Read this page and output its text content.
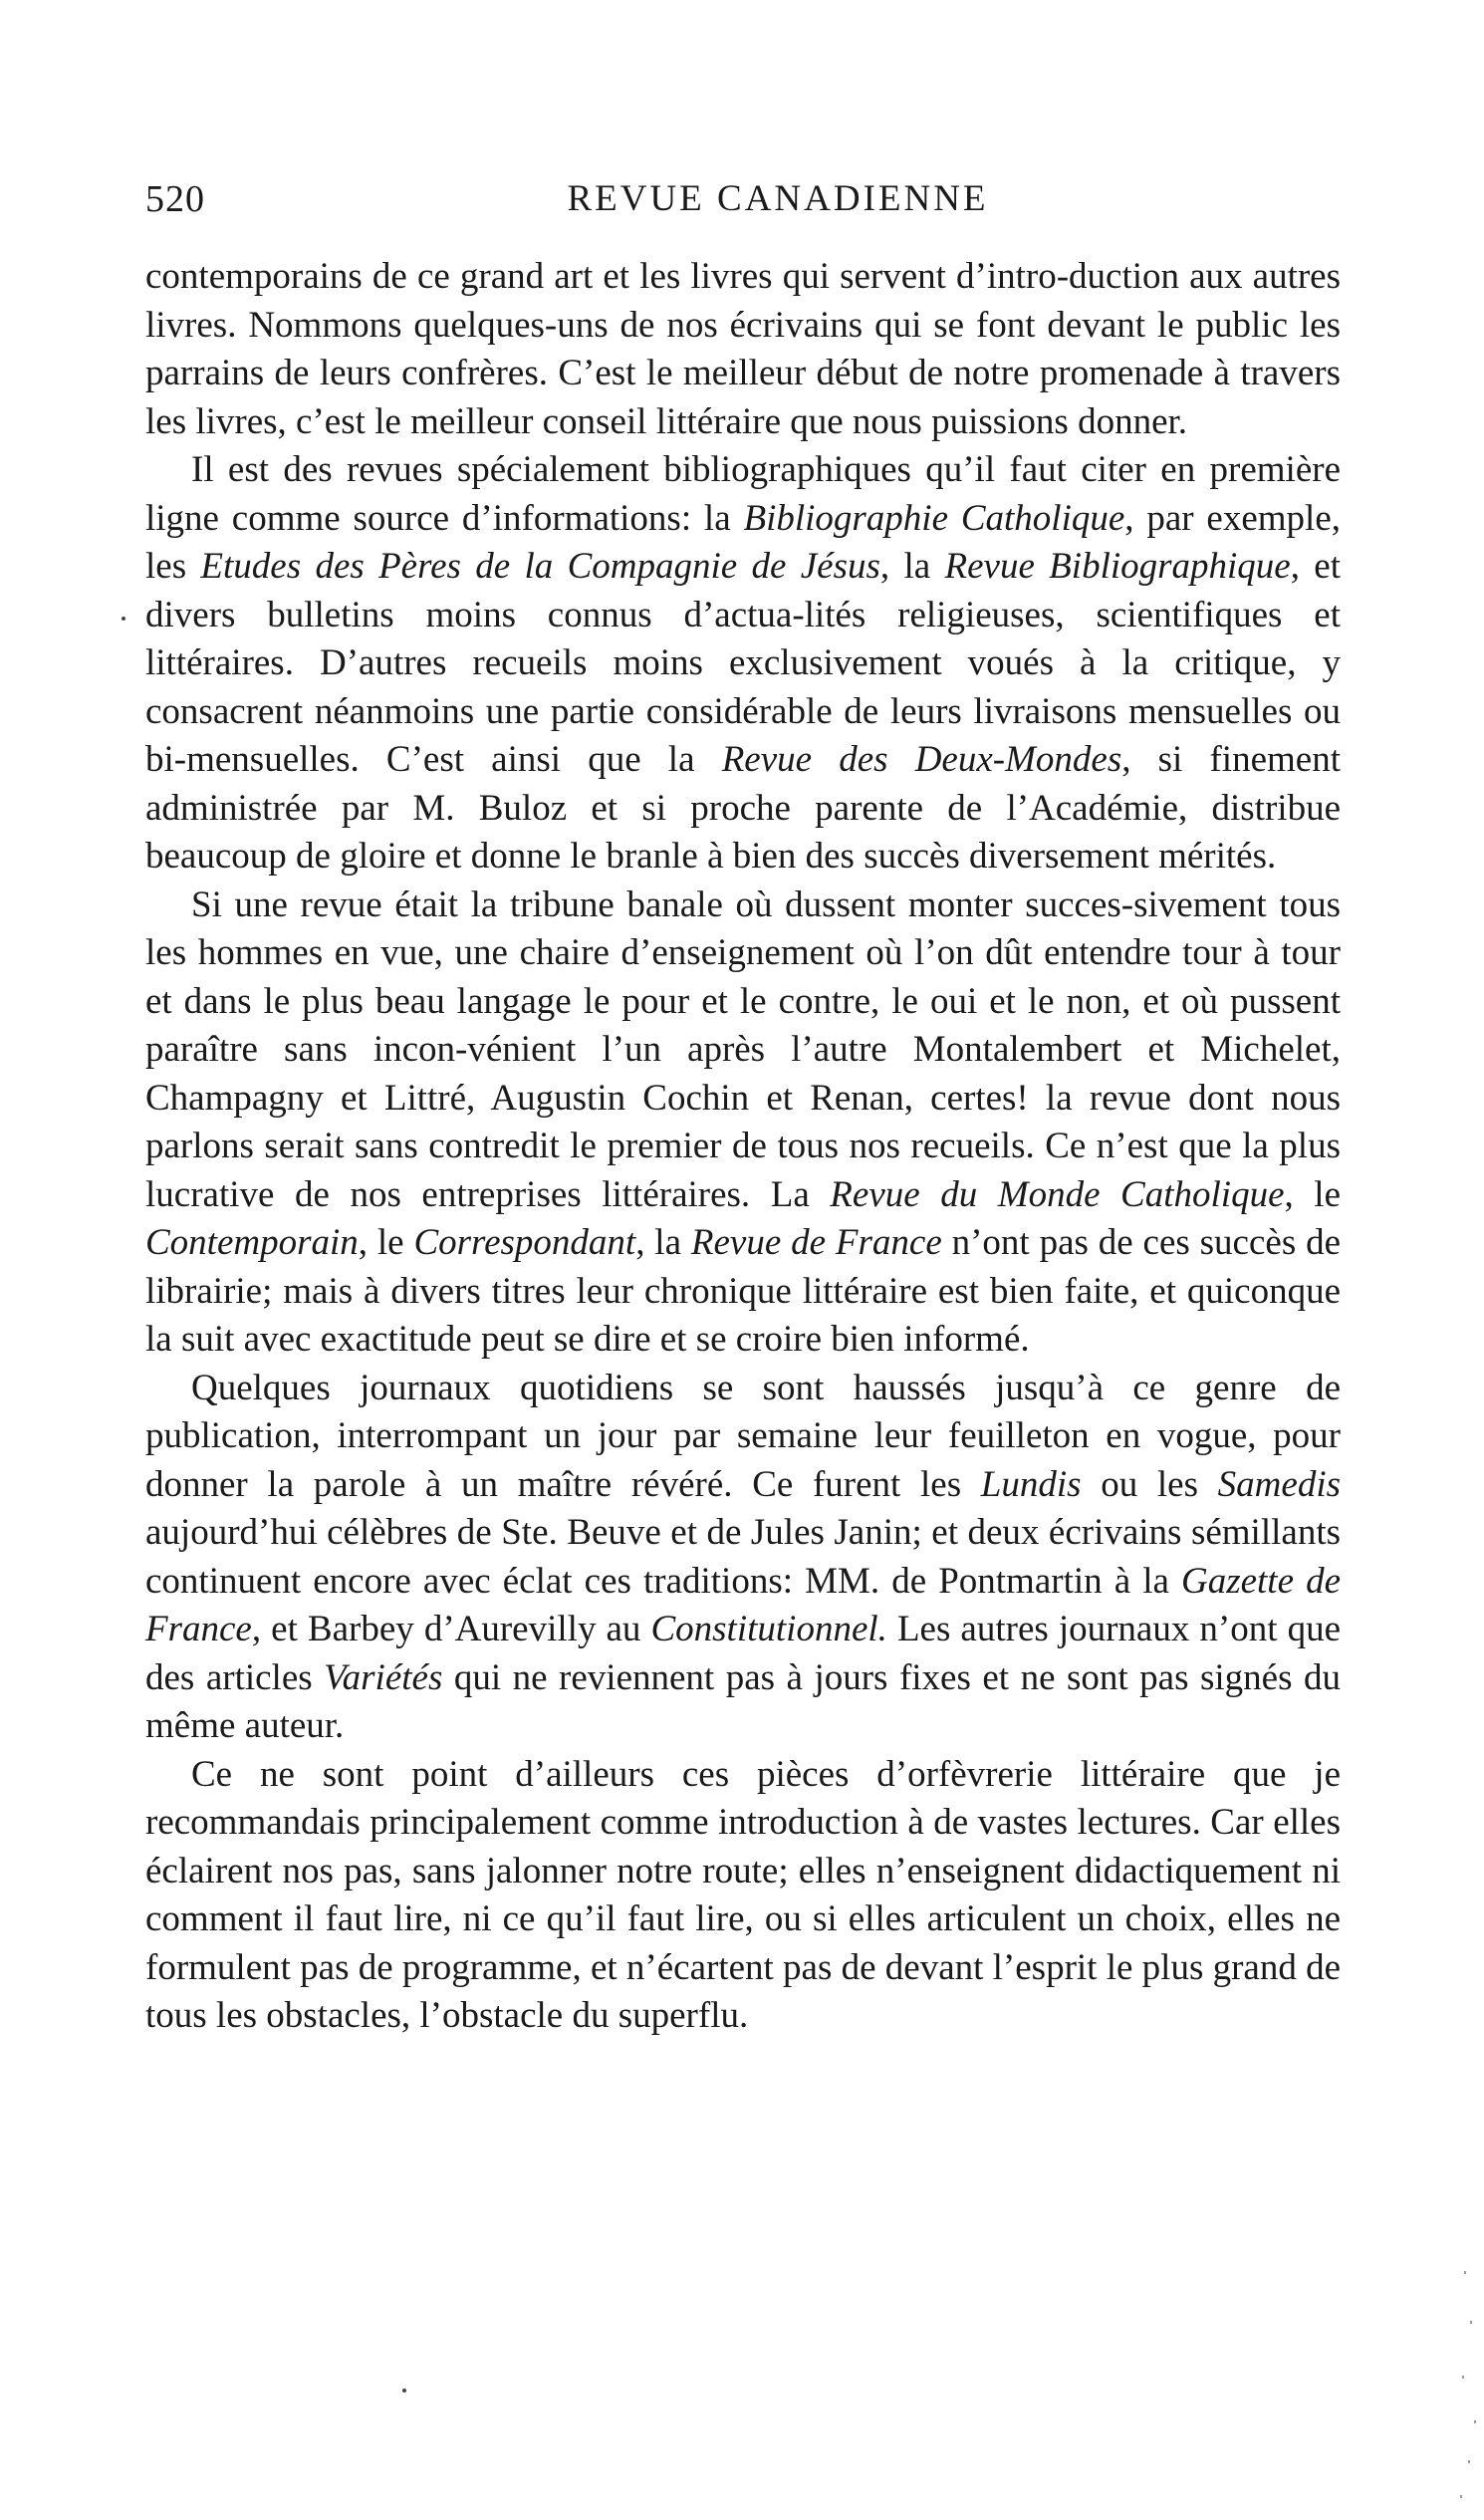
520	REVUE CANADIENNE

contemporains de ce grand art et les livres qui servent d’intro-duction aux autres livres. Nommons quelques-uns de nos écrivains qui se font devant le public les parrains de leurs confrères. C’est le meilleur début de notre promenade à travers les livres, c’est le meilleur conseil littéraire que nous puissions donner.

Il est des revues spécialement bibliographiques qu’il faut citer en première ligne comme source d’informations: la Bibliographie Catholique, par exemple, les Etudes des Pères de la Compagnie de Jésus, la Revue Bibliographique, et divers bulletins moins connus d’actua-lités religieuses, scientifiques et littéraires. D’autres recueils moins exclusivement voués à la critique, y consacrent néanmoins une partie considérable de leurs livraisons mensuelles ou bi-mensuelles. C’est ainsi que la Revue des Deux-Mondes, si finement administrée par M. Buloz et si proche parente de l’Académie, distribue beaucoup de gloire et donne le branle à bien des succès diversement mérités.

Si une revue était la tribune banale où dussent monter succes-sivement tous les hommes en vue, une chaire d’enseignement où l’on dût entendre tour à tour et dans le plus beau langage le pour et le contre, le oui et le non, et où pussent paraître sans incon-vénient l’un après l’autre Montalembert et Michelet, Champagny et Littré, Augustin Cochin et Renan, certes! la revue dont nous parlons serait sans contredit le premier de tous nos recueils. Ce n’est que la plus lucrative de nos entreprises littéraires. La Revue du Monde Catholique, le Contemporain, le Correspondant, la Revue de France n’ont pas de ces succès de librairie; mais à divers titres leur chronique littéraire est bien faite, et quiconque la suit avec exactitude peut se dire et se croire bien informé.

Quelques journaux quotidiens se sont haussés jusqu’à ce genre de publication, interrompant un jour par semaine leur feuilleton en vogue, pour donner la parole à un maître révéré. Ce furent les Lundis ou les Samedis aujourd’hui célèbres de Ste. Beuve et de Jules Janin; et deux écrivains sémillants continuent encore avec éclat ces traditions: MM. de Pontmartin à la Gazette de France, et Barbey d’Aurevilly au Constitutionnel. Les autres journaux n’ont que des articles Variétés qui ne reviennent pas à jours fixes et ne sont pas signés du même auteur.

Ce ne sont point d’ailleurs ces pièces d’orfèvrerie littéraire que je recommandais principalement comme introduction à de vastes lectures. Car elles éclairent nos pas, sans jalonner notre route; elles n’enseignent didactiquement ni comment il faut lire, ni ce qu’il faut lire, ou si elles articulent un choix, elles ne formulent pas de programme, et n’écartent pas de devant l’esprit le plus grand de tous les obstacles, l’obstacle du superflu.
